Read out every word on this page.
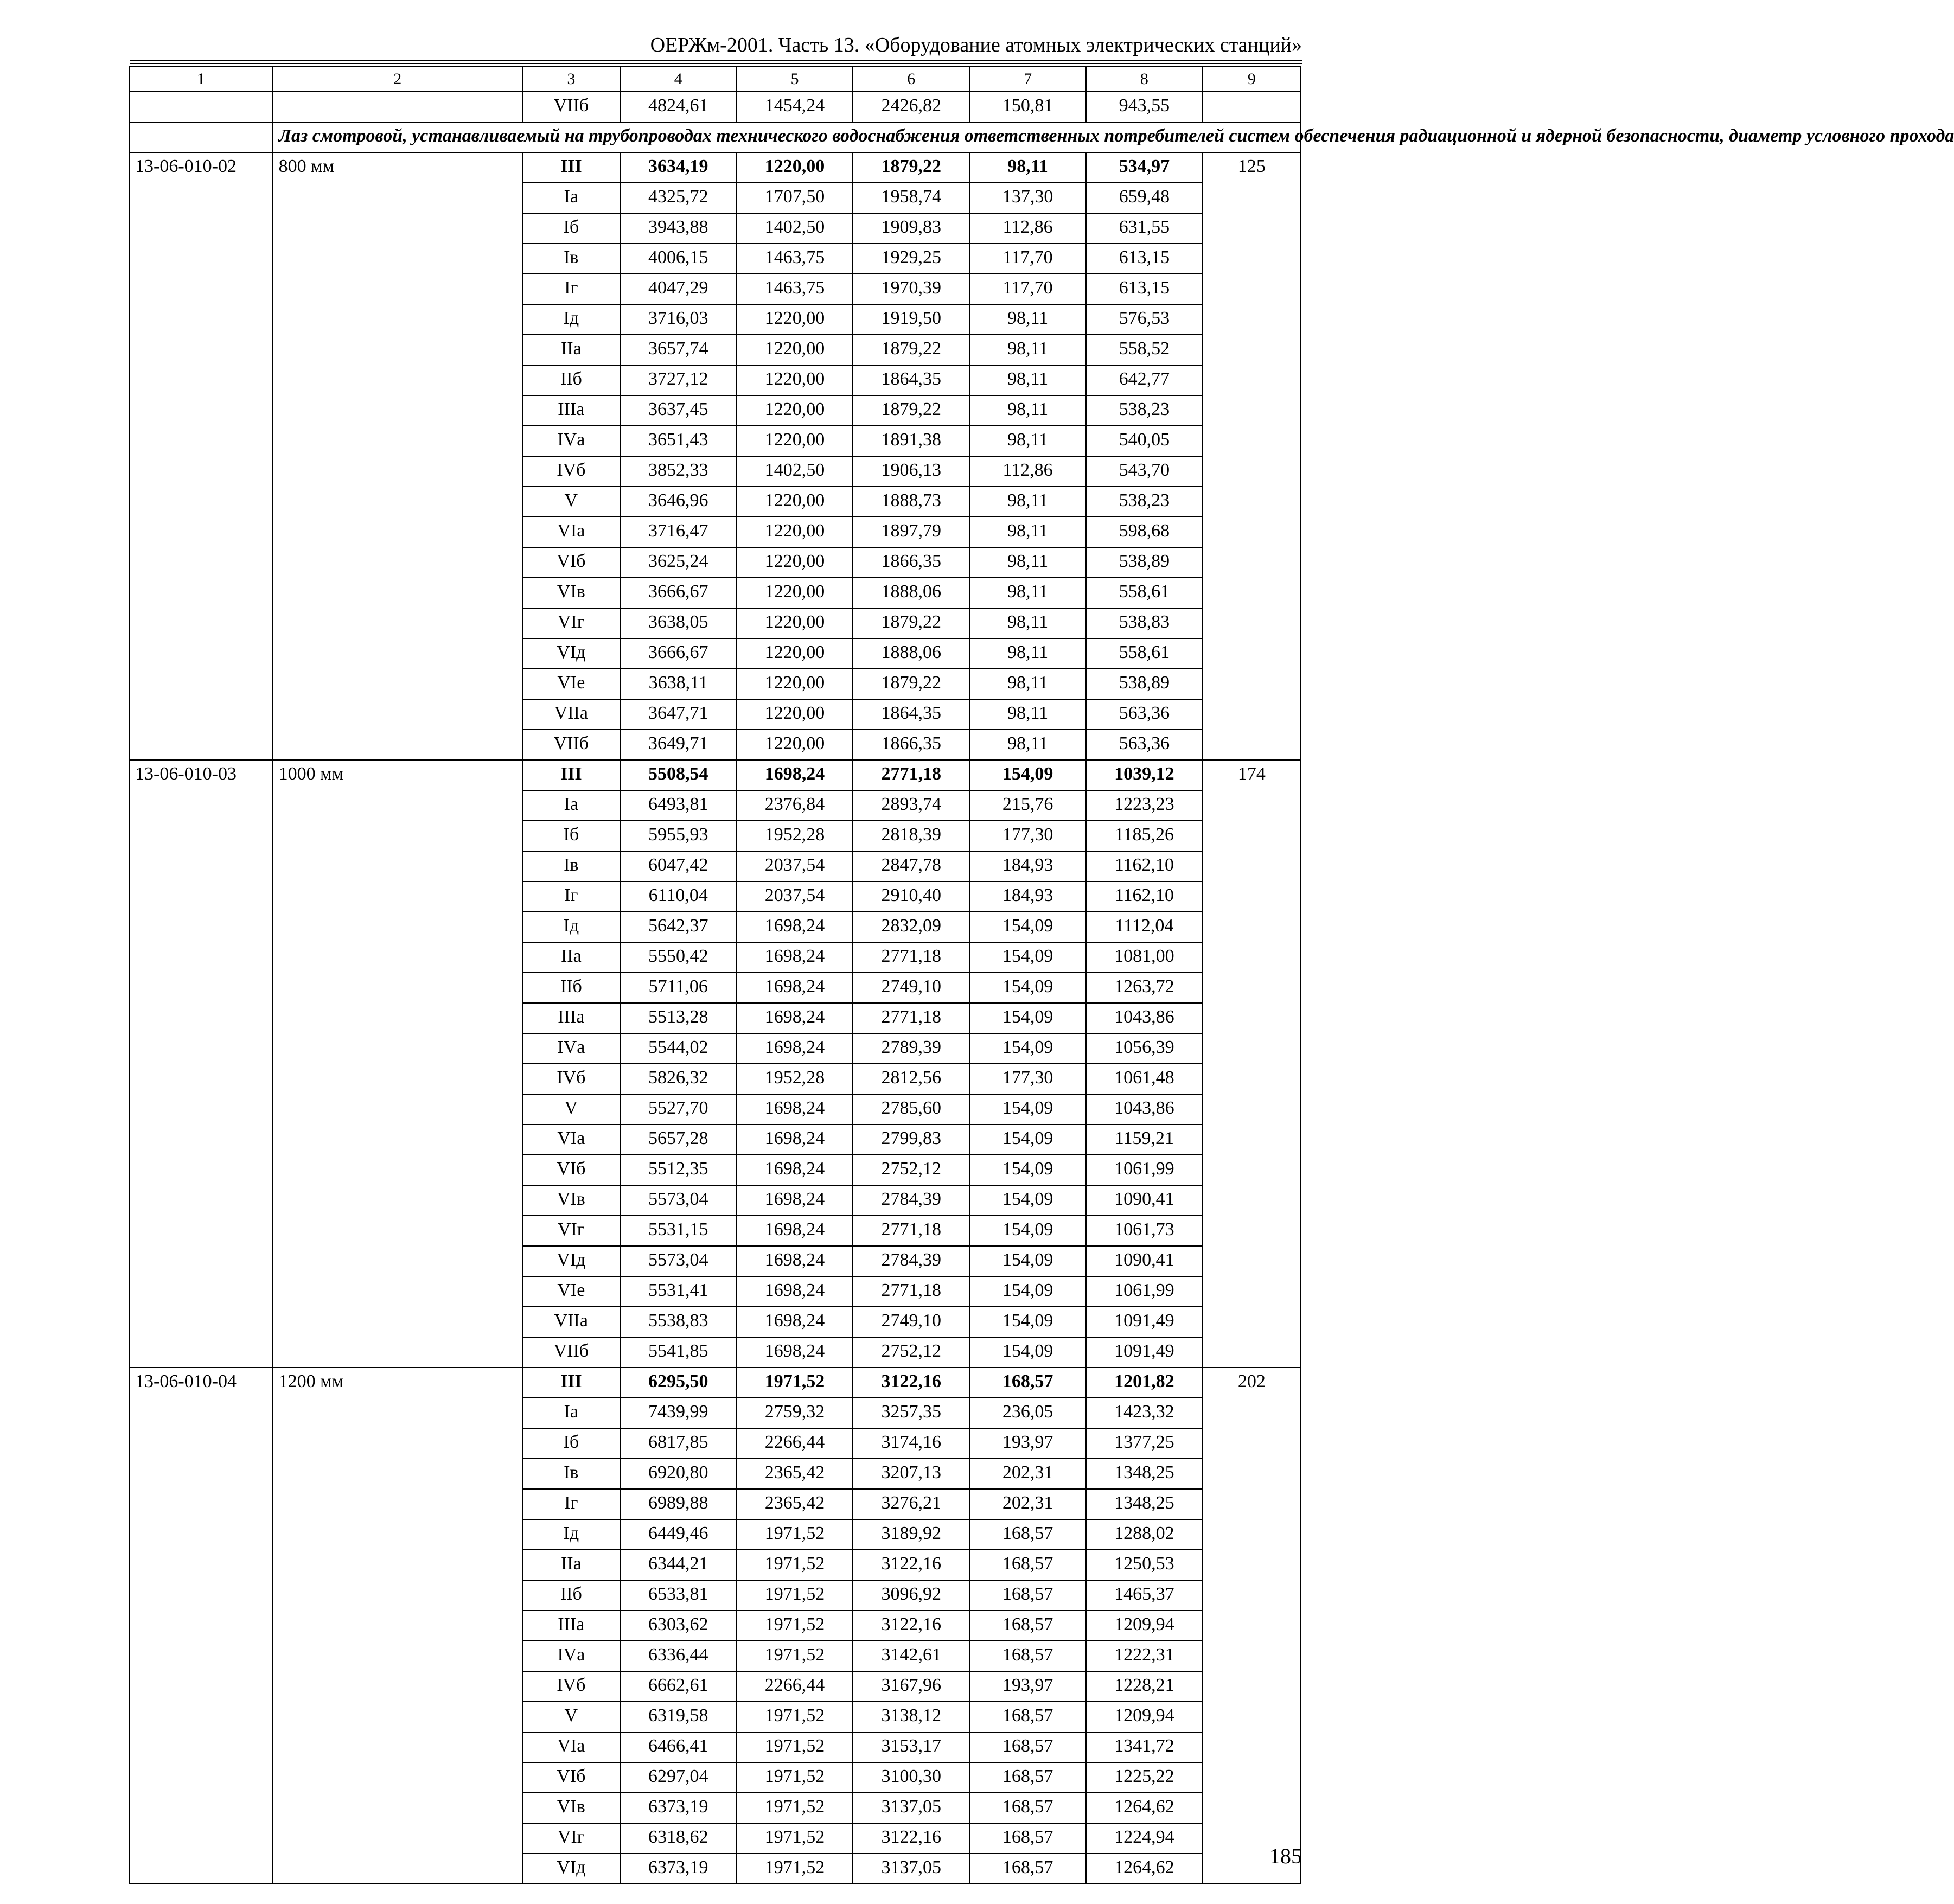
ОЕРЖм-2001. Часть 13. «Оборудование атомных электрических станций»
1	2	3	4	5	6	7	8	9
		VIIб	4824,61	1454,24	2426,82	150,81	943,55	
	Лаз смотровой, устанавливаемый на трубопроводах технического водоснабжения ответственных потребителей систем обеспечения радиационной и ядерной безопасности, диаметр условного прохода							
13-06-010-02	800 мм	III	3634,19	1220,00	1879,22	98,11	534,97	125
		Iа	4325,72	1707,50	1958,74	137,30	659,48	
		Iб	3943,88	1402,50	1909,83	112,86	631,55	
		Iв	4006,15	1463,75	1929,25	117,70	613,15	
		Iг	4047,29	1463,75	1970,39	117,70	613,15	
		Iд	3716,03	1220,00	1919,50	98,11	576,53	
		IIа	3657,74	1220,00	1879,22	98,11	558,52	
		IIб	3727,12	1220,00	1864,35	98,11	642,77	
		IIIа	3637,45	1220,00	1879,22	98,11	538,23	
		IVа	3651,43	1220,00	1891,38	98,11	540,05	
		IVб	3852,33	1402,50	1906,13	112,86	543,70	
		V	3646,96	1220,00	1888,73	98,11	538,23	
		VIа	3716,47	1220,00	1897,79	98,11	598,68	
		VIб	3625,24	1220,00	1866,35	98,11	538,89	
		VIв	3666,67	1220,00	1888,06	98,11	558,61	
		VIг	3638,05	1220,00	1879,22	98,11	538,83	
		VIд	3666,67	1220,00	1888,06	98,11	558,61	
		VIе	3638,11	1220,00	1879,22	98,11	538,89	
		VIIа	3647,71	1220,00	1864,35	98,11	563,36	
		VIIб	3649,71	1220,00	1866,35	98,11	563,36	
13-06-010-03	1000 мм	III	5508,54	1698,24	2771,18	154,09	1039,12	174
		Iа	6493,81	2376,84	2893,74	215,76	1223,23	
		Iб	5955,93	1952,28	2818,39	177,30	1185,26	
		Iв	6047,42	2037,54	2847,78	184,93	1162,10	
		Iг	6110,04	2037,54	2910,40	184,93	1162,10	
		Iд	5642,37	1698,24	2832,09	154,09	1112,04	
		IIа	5550,42	1698,24	2771,18	154,09	1081,00	
		IIб	5711,06	1698,24	2749,10	154,09	1263,72	
		IIIа	5513,28	1698,24	2771,18	154,09	1043,86	
		IVа	5544,02	1698,24	2789,39	154,09	1056,39	
		IVб	5826,32	1952,28	2812,56	177,30	1061,48	
		V	5527,70	1698,24	2785,60	154,09	1043,86	
		VIа	5657,28	1698,24	2799,83	154,09	1159,21	
		VIб	5512,35	1698,24	2752,12	154,09	1061,99	
		VIв	5573,04	1698,24	2784,39	154,09	1090,41	
		VIг	5531,15	1698,24	2771,18	154,09	1061,73	
		VIд	5573,04	1698,24	2784,39	154,09	1090,41	
		VIе	5531,41	1698,24	2771,18	154,09	1061,99	
		VIIа	5538,83	1698,24	2749,10	154,09	1091,49	
		VIIб	5541,85	1698,24	2752,12	154,09	1091,49	
13-06-010-04	1200 мм	III	6295,50	1971,52	3122,16	168,57	1201,82	202
		Iа	7439,99	2759,32	3257,35	236,05	1423,32	
		Iб	6817,85	2266,44	3174,16	193,97	1377,25	
		Iв	6920,80	2365,42	3207,13	202,31	1348,25	
		Iг	6989,88	2365,42	3276,21	202,31	1348,25	
		Iд	6449,46	1971,52	3189,92	168,57	1288,02	
		IIа	6344,21	1971,52	3122,16	168,57	1250,53	
		IIб	6533,81	1971,52	3096,92	168,57	1465,37	
		IIIа	6303,62	1971,52	3122,16	168,57	1209,94	
		IVа	6336,44	1971,52	3142,61	168,57	1222,31	
		IVб	6662,61	2266,44	3167,96	193,97	1228,21	
		V	6319,58	1971,52	3138,12	168,57	1209,94	
		VIа	6466,41	1971,52	3153,17	168,57	1341,72	
		VIб	6297,04	1971,52	3100,30	168,57	1225,22	
		VIв	6373,19	1971,52	3137,05	168,57	1264,62	
		VIг	6318,62	1971,52	3122,16	168,57	1224,94	
		VIд	6373,19	1971,52	3137,05	168,57	1264,62		185
